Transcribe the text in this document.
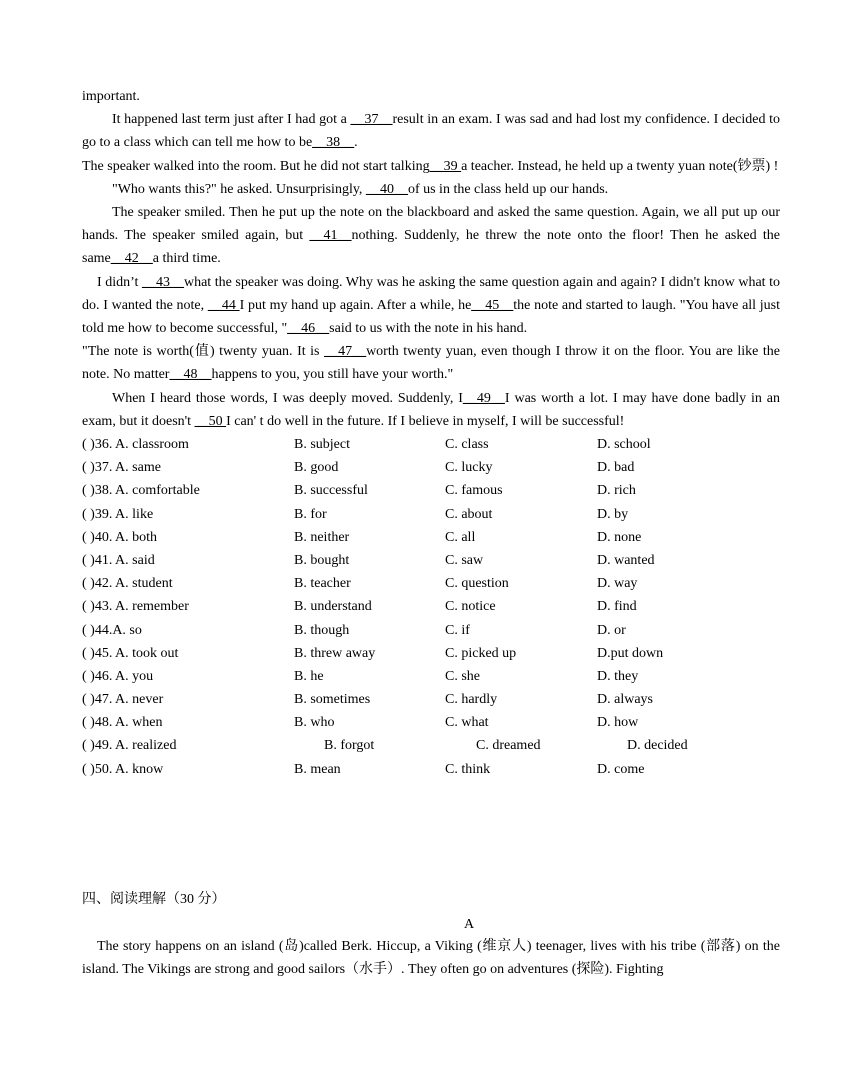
important.

It happened last term just after I had got a __37__result in an exam. I was sad and had lost my confidence. I decided to go to a class which can tell me how to be__38__.

The speaker walked into the room. But he did not start talking__39 a teacher. Instead, he held up a twenty yuan note(钞票) !

"Who wants this?" he asked. Unsurprisingly, __40__of us in the class held up our hands.

The speaker smiled. Then he put up the note on the blackboard and asked the same question. Again, we all put up our hands. The speaker smiled again, but __41__nothing. Suddenly, he threw the note onto the floor! Then he asked the same__42__a third time.

I didn’t __43__what the speaker was doing. Why was he asking the same question again and again? I didn't know what to do. I wanted the note, __44 I put my hand up again. After a while, he__45__the note and started to laugh. "You have all just told me how to become successful, "__46__said to us with the note in his hand.

"The note is worth(值) twenty yuan. It is __47__worth twenty yuan, even though I throw it on the floor. You are like the note. No matter__48__happens to you, you still have your worth."

When I heard those words, I was deeply moved. Suddenly, I__49__I was worth a lot. I may have done badly in an exam, but it doesn't __50 I can' t do well in the future. If I believe in myself, I will be successful!

( )36. A. classroom	B. subject	C. class	D. school
( )37. A. same	B. good	C. lucky	D. bad
( )38. A. comfortable	B. successful	C. famous	D. rich
( )39. A. like	B. for	C. about	D. by
( )40. A. both	B. neither	C. all	D. none
( )41. A. said	B. bought	C. saw	D. wanted
( )42. A. student	B. teacher	C. question	D. way
( )43. A. remember	B. understand	C. notice	D. find
( )44.A. so	B. though	C. if	D. or
( )45. A. took out	B. threw away	C. picked up	D.put down
( )46. A. you	B. he	C. she	D. they
( )47. A. never	B. sometimes	C. hardly	D. always
( )48. A. when	B. who	C. what	D. how
( )49. A. realized	B. forgot	C. dreamed	D. decided
( )50. A. know	B. mean	C. think	D. come
四、阅读理解（30 分）

A

The story happens on an island (岛)called Berk. Hiccup, a Viking (维京人) teenager, lives with his tribe (部落) on the island. The Vikings are strong and good sailors（水手）. They often go on adventures (探险). Fighting
